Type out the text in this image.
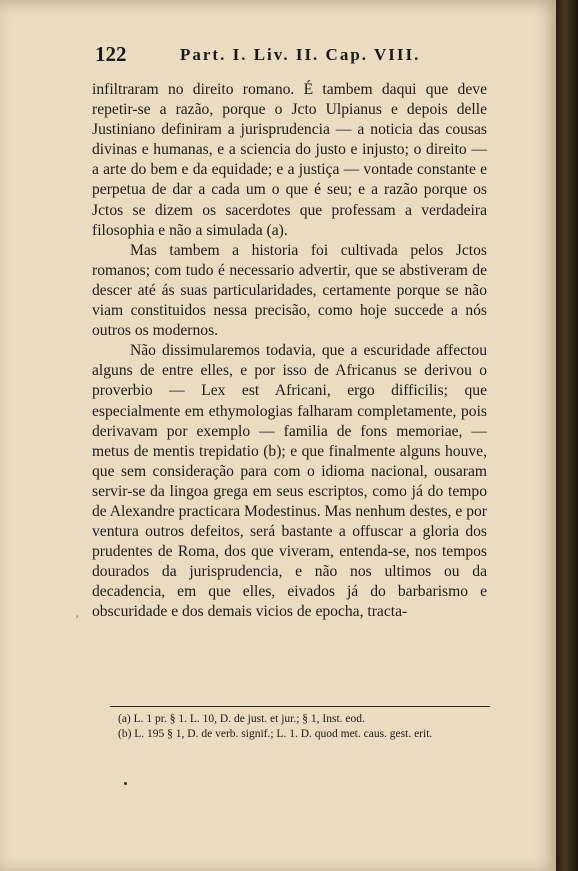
122	Part. I. Liv. II. Cap. VIII.

infiltraram no direito romano. É tambem daqui que deve repetir-se a razão, porque o Jcto Ulpianus e depois delle Justiniano definiram a jurisprudencia — a noticia das cousas divinas e humanas, e a sciencia do justo e injusto; o direito — a arte do bem e da equidade; e a justiça — vontade constante e perpetua de dar a cada um o que é seu; e a razão porque os Jctos se dizem os sacerdotes que professam a verdadeira filosophia e não a simulada (a).

Mas tambem a historia foi cultivada pelos Jctos romanos; com tudo é necessario advertir, que se abstiveram de descer até ás suas particularidades, certamente porque se não viam constituidos nessa precisão, como hoje succede a nós outros os modernos.

Não dissimularemos todavia, que a escuridade affectou alguns de entre elles, e por isso de Africanus se derivou o proverbio — Lex est Africani, ergo difficilis; que especialmente em ethymologias falharam completamente, pois derivavam por exemplo — familia de fons memoriae, — metus de mentis trepidatio (b); e que finalmente alguns houve, que sem consideração para com o idioma nacional, ousaram servir-se da lingoa grega em seus escriptos, como já do tempo de Alexandre practicara Modestinus. Mas nenhum destes, e por ventura outros defeitos, será bastante a offuscar a gloria dos prudentes de Roma, dos que viveram, entenda-se, nos tempos dourados da jurisprudencia, e não nos ultimos ou da decadencia, em que elles, eivados já do barbarismo e obscuridade e dos demais vicios de epocha, tracta-

′

(a) L. 1 pr. § 1. L. 10, D. de just. et jur.; § 1, Inst. eod.

(b) L. 195 § 1, D. de verb. signif.; L. 1. D. quod met. caus. gest. erit.
